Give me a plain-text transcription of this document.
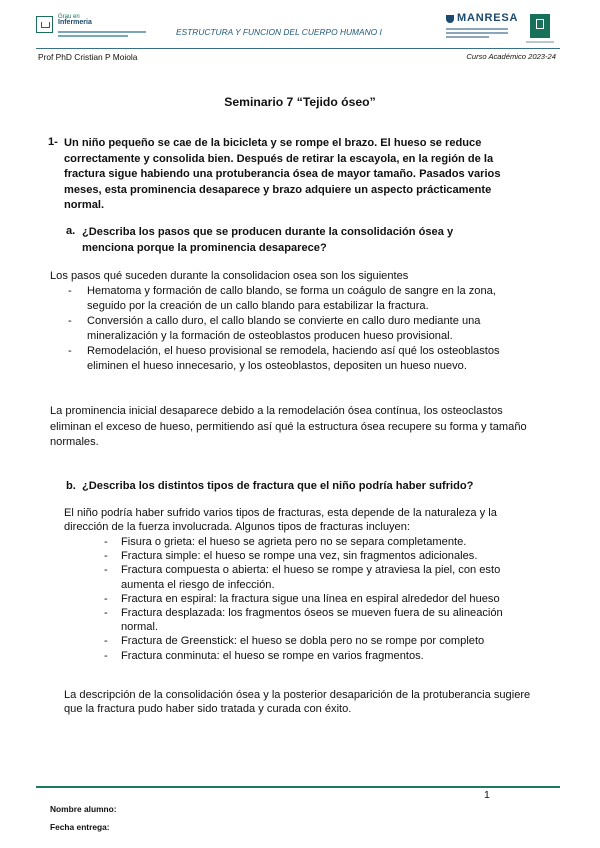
Grau en
Infermeria
ESTRUCTURA Y FUNCION DEL CUERPO HUMANO I
MANRESA
Prof PhD Cristian P Moiola	Curso Académico 2023-24
Seminario 7 “Tejido óseo”
1- Un niño pequeño se cae de la bicicleta y se rompe el brazo. El hueso se reduce correctamente y consolida bien. Después de retirar la escayola, en la región de la fractura sigue habiendo una protuberancia ósea de mayor tamaño. Pasados varios meses, esta prominencia desaparece y brazo adquiere un aspecto prácticamente normal.
a. ¿Describa los pasos que se producen durante la consolidación ósea y menciona porque la prominencia desaparece?
Los pasos qué suceden durante la consolidacion osea son los siguientes
- Hematoma y formación de callo blando, se forma un coágulo de sangre en la zona, seguido por la creación de un callo blando para estabilizar la fractura.
- Conversión a callo duro, el callo blando se convierte en callo duro mediante una mineralización y la formación de osteoblastos producen hueso provisional.
- Remodelación, el hueso provisional se remodela, haciendo así qué los osteoblastos eliminen el hueso innecesario, y los osteoblastos, depositen un hueso nuevo.
La prominencia inicial desaparece debido a la remodelación ósea contínua, los osteoclastos eliminan el exceso de hueso, permitiendo así qué la estructura ósea recupere su forma y tamaño normales.
b. ¿Describa los distintos tipos de fractura que el niño podría haber sufrido?
El niño podría haber sufrido varios tipos de fracturas, esta depende de la naturaleza y la dirección de la fuerza involucrada. Algunos tipos de fracturas incluyen:
- Fisura o grieta: el hueso se agrieta pero no se separa completamente.
- Fractura simple: el hueso se rompe una vez, sin fragmentos adicionales.
- Fractura compuesta o abierta: el hueso se rompe y atraviesa la piel, con esto aumenta el riesgo de infección.
- Fractura en espiral: la fractura sigue una línea en espiral alrededor del hueso
- Fractura desplazada: los fragmentos óseos se mueven fuera de su alineación normal.
- Fractura de Greenstick: el hueso se dobla pero no se rompe por completo
- Fractura conminuta: el hueso se rompe en varios fragmentos.
La descripción de la consolidación ósea y la posterior desaparición de la protuberancia sugiere que la fractura pudo haber sido tratada y curada con éxito.
1
Nombre alumno:
Fecha entrega:
